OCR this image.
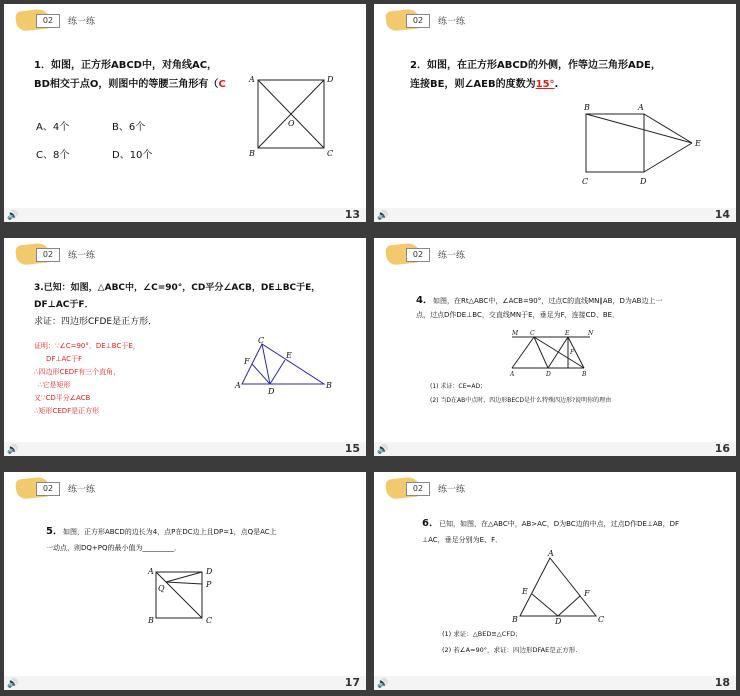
02	练一练
1．如图，正方形ABCD中，对角线AC，
BD相交于点O，则图中的等腰三角形有（C
A、4个	B、6个
C、8个	D、10个
A	D
B	C
O
🔊	13
02	练一练
2．如图，在正方形ABCD的外侧，作等边三角形ADE，
连接BE，则∠AEB的度数为15°.
B	A
C	D
E
🔊	14
02	练一练
3.已知：如图，△ABC中，∠C=90°，CD平分∠ACB，DE⊥BC于E，
DF⊥AC于F．
求证：四边形CFDE是正方形．
证明：∵∠C=90°，DE⊥BC于E，
DF⊥AC于F
∴四边形CEDF有三个直角，
∴它是矩形
又∵CD平分∠ACB
∴矩形CEDF是正方形
C
E
F
A
D
B
🔊	15
02	练一练
4．如图，在Rt△ABC中，∠ACB=90°，过点C的直线MN∥AB，D为AB边上一
点，过点D作DE⊥BC，交直线MN于E，垂足为F，连接CD、BE．
M C	E	N
F
A	D	B
(1) 求证：CE=AD；
(2) 当D在AB中点时，四边形BECD是什么特殊四边形?说明你的理由
🔊	16
02	练一练
5．如图，正方形ABCD的边长为4，点P在DC边上且DP=1，点Q是AC上
一动点，则DQ+PQ的最小值为_________．
A	D
P
Q
B	C
🔊	17
02	练一练
6．已知，如图，在△ABC中，AB>AC，D为BC边的中点，过点D作DE⊥AB，DF
⊥AC，垂足分别为E、F．
A
E	F
B	D	C
(1) 求证：△BED≌△CFD；
(2) 若∠A=90°，求证：四边形DFAE是正方形.
🔊	18
